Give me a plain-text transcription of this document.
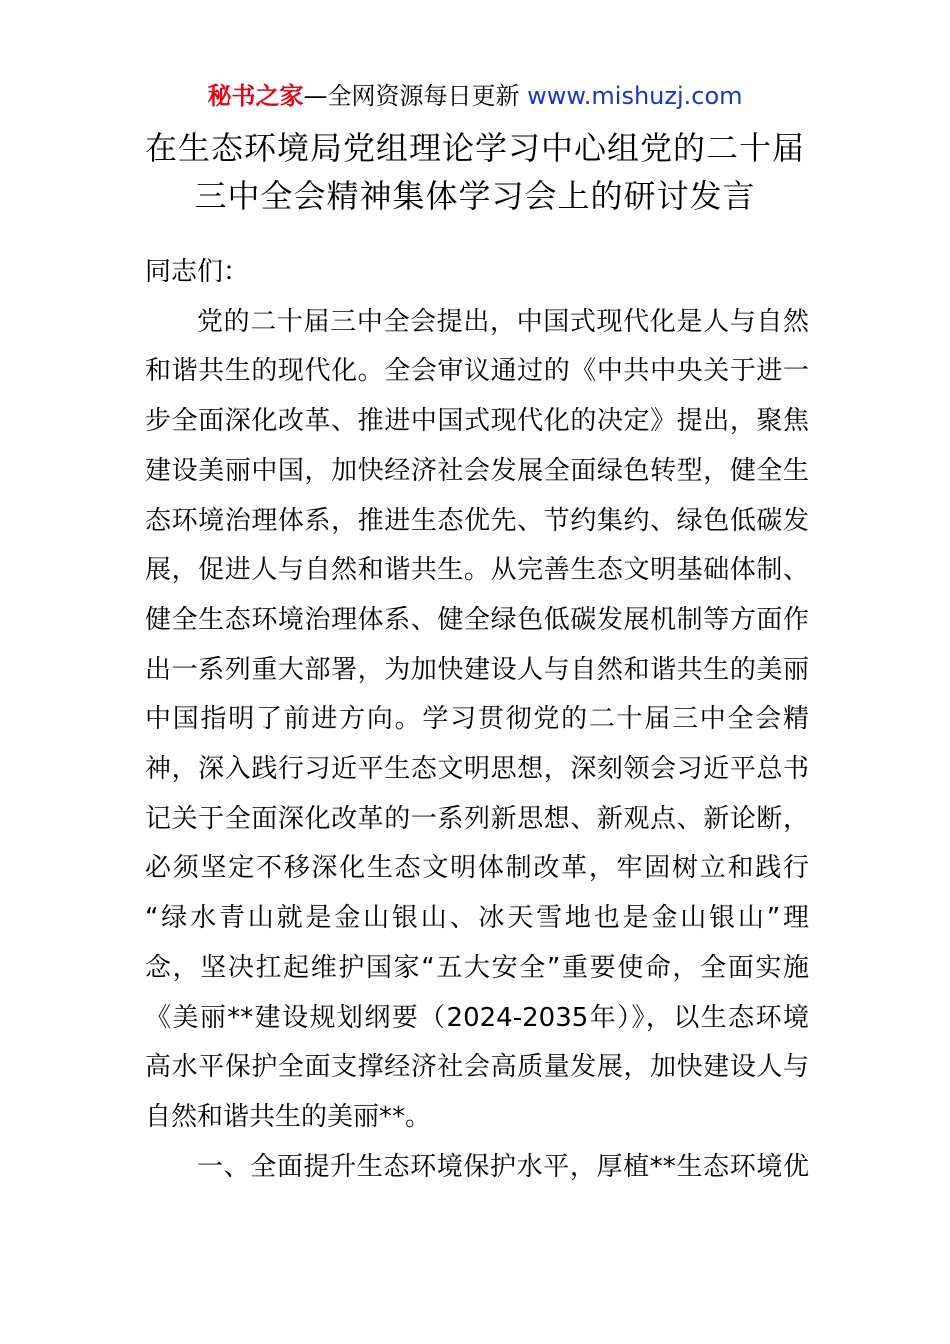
秘书之家—全网资源每日更新 www.mishuzj.com
在生态环境局党组理论学习中心组党的二十届
三中全会精神集体学习会上的研讨发言

同志们：

党的二十届三中全会提出，中国式现代化是人与自然
和谐共生的现代化。全会审议通过的《中共中央关于进一
步全面深化改革、推进中国式现代化的决定》提出，聚焦
建设美丽中国，加快经济社会发展全面绿色转型，健全生
态环境治理体系，推进生态优先、节约集约、绿色低碳发
展，促进人与自然和谐共生。从完善生态文明基础体制、
健全生态环境治理体系、健全绿色低碳发展机制等方面作
出一系列重大部署，为加快建设人与自然和谐共生的美丽
中国指明了前进方向。学习贯彻党的二十届三中全会精
神，深入践行习近平生态文明思想，深刻领会习近平总书
记关于全面深化改革的一系列新思想、新观点、新论断，
必须坚定不移深化生态文明体制改革，牢固树立和践行
“绿水青山就是金山银山、冰天雪地也是金山银山”理
念，坚决扛起维护国家“五大安全”重要使命，全面实施
《美丽**建设规划纲要（2024-2035年）》，以生态环境
高水平保护全面支撑经济社会高质量发展，加快建设人与
自然和谐共生的美丽**。
一、全面提升生态环境保护水平，厚植**生态环境优
